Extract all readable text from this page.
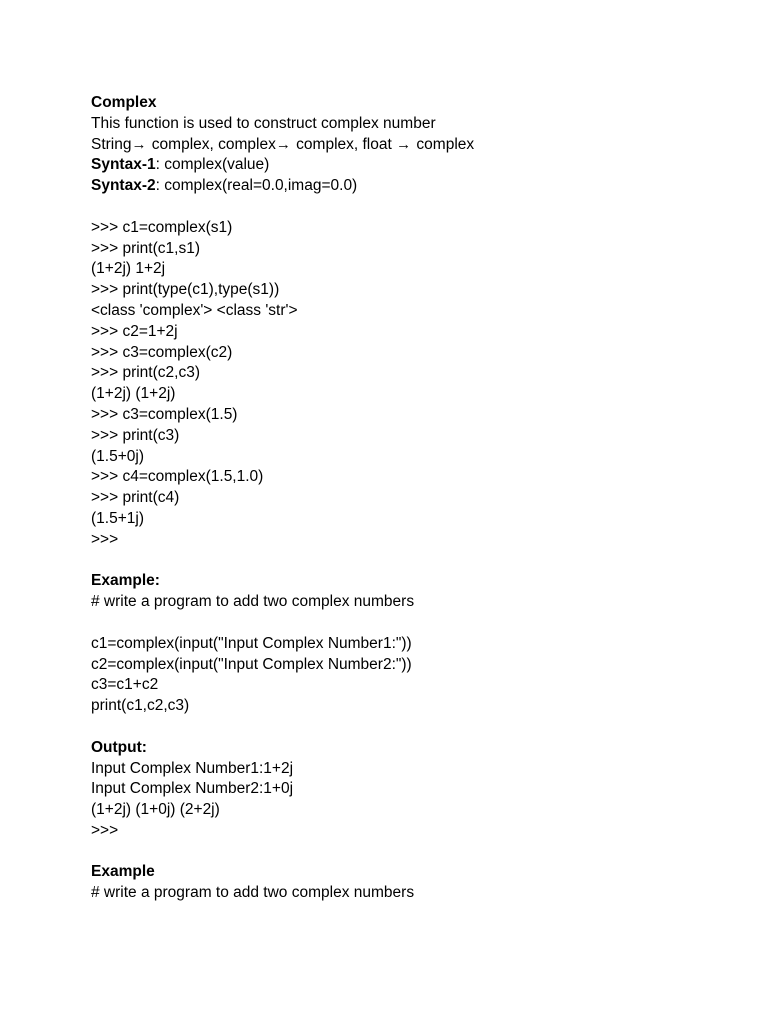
Complex
This function is used to construct complex number
String→ complex, complex→ complex, float → complex
Syntax-1: complex(value)
Syntax-2: complex(real=0.0,imag=0.0)
>>> c1=complex(s1)
>>> print(c1,s1)
(1+2j) 1+2j
>>> print(type(c1),type(s1))
<class 'complex'> <class 'str'>
>>> c2=1+2j
>>> c3=complex(c2)
>>> print(c2,c3)
(1+2j) (1+2j)
>>> c3=complex(1.5)
>>> print(c3)
(1.5+0j)
>>> c4=complex(1.5,1.0)
>>> print(c4)
(1.5+1j)
>>>
Example:
# write a program to add two complex numbers
c1=complex(input("Input Complex Number1:"))
c2=complex(input("Input Complex Number2:"))
c3=c1+c2
print(c1,c2,c3)
Output:
Input Complex Number1:1+2j
Input Complex Number2:1+0j
(1+2j) (1+0j) (2+2j)
>>>
Example
# write a program to add two complex numbers
